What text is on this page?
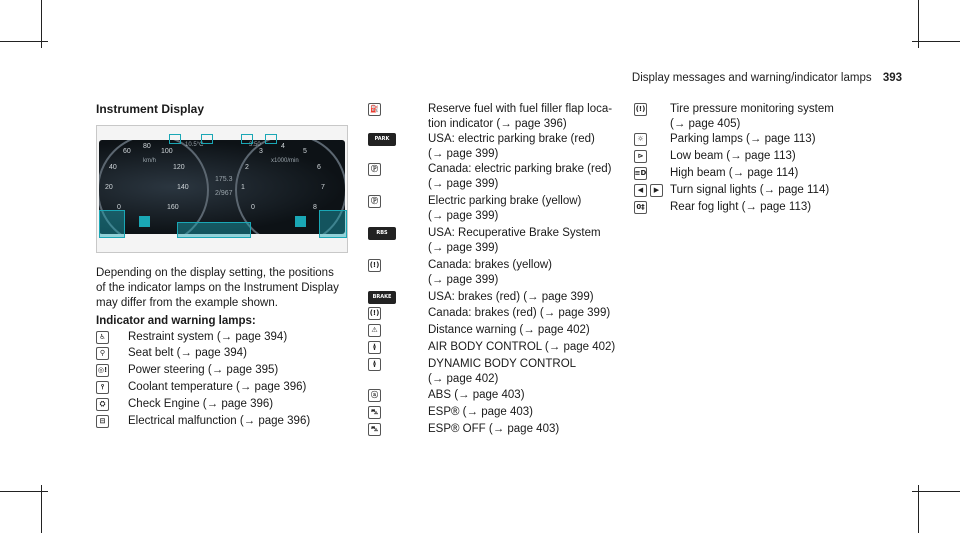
Display messages and warning/indicator lamps 393
Instrument Display
60
80
100
40	120
20	140
0	160
km/h
3
4
5
2	6
1	7
0	8
x1000/min
10.5°C	3:50
175.3
2/967
Depending on the display setting, the positions
of the indicator lamps on the Instrument Display
may differ from the example shown.
Indicator and warning lamps:
♿ Restraint system (→ page 394)
⚲	Seat belt (→ page 394)
◎! Power steering (→ page 395)
⫯	Coolant temperature (→ page 396)
⛭	Check Engine (→ page 396)
⊟	Electrical malfunction (→ page 396)
⛽	Reserve fuel with fuel filler flap loca-
tion indicator (→ page 396)
PARK	USA: electric parking brake (red)
(→ page 399)
Ⓟ	Canada: electric parking brake (red)
(→ page 399)
Ⓟ	Electric parking brake (yellow)
(→ page 399)
RBS	USA: Recuperative Brake System
(→ page 399)
(!)	Canada: brakes (yellow)
(→ page 399)
BRAKE	USA: brakes (red) (→ page 399)
(!)	Canada: brakes (red) (→ page 399)
⚠	Distance warning (→ page 402)
≬	AIR BODY CONTROL (→ page 402)
≬	DYNAMIC BODY CONTROL
(→ page 402)
ⓐ	ABS (→ page 403)
⛍	ESP® (→ page 403)
⛍	ESP® OFF (→ page 403)
(!) Tire pressure monitoring system
(→ page 405)
☼ Parking lamps (→ page 113)
⊳	Low beam (→ page 113)
≡D High beam (→ page 114)
◀	▶ Turn signal lights (→ page 114)
0‡ Rear fog light (→ page 113)
